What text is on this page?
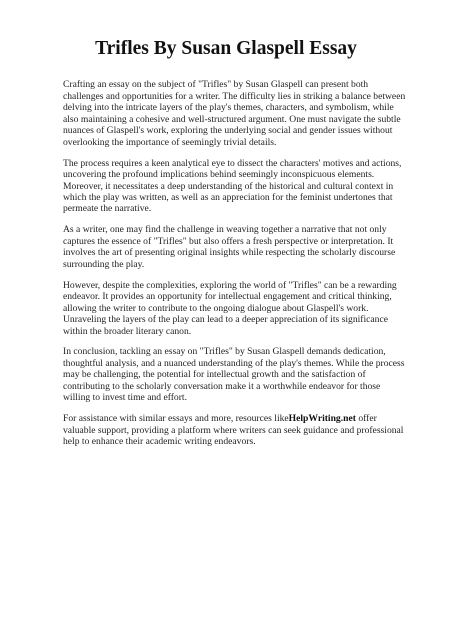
Trifles By Susan Glaspell Essay

Crafting an essay on the subject of "Trifles" by Susan Glaspell can present both challenges and opportunities for a writer. The difficulty lies in striking a balance between delving into the intricate layers of the play's themes, characters, and symbolism, while also maintaining a cohesive and well-structured argument. One must navigate the subtle nuances of Glaspell's work, exploring the underlying social and gender issues without overlooking the importance of seemingly trivial details.

The process requires a keen analytical eye to dissect the characters' motives and actions, uncovering the profound implications behind seemingly inconspicuous elements. Moreover, it necessitates a deep understanding of the historical and cultural context in which the play was written, as well as an appreciation for the feminist undertones that permeate the narrative.

As a writer, one may find the challenge in weaving together a narrative that not only captures the essence of "Trifles" but also offers a fresh perspective or interpretation. It involves the art of presenting original insights while respecting the scholarly discourse surrounding the play.

However, despite the complexities, exploring the world of "Trifles" can be a rewarding endeavor. It provides an opportunity for intellectual engagement and critical thinking, allowing the writer to contribute to the ongoing dialogue about Glaspell's work. Unraveling the layers of the play can lead to a deeper appreciation of its significance within the broader literary canon.

In conclusion, tackling an essay on "Trifles" by Susan Glaspell demands dedication, thoughtful analysis, and a nuanced understanding of the play's themes. While the process may be challenging, the potential for intellectual growth and the satisfaction of contributing to the scholarly conversation make it a worthwhile endeavor for those willing to invest time and effort.

For assistance with similar essays and more, resources likeHelpWriting.net offer valuable support, providing a platform where writers can seek guidance and professional help to enhance their academic writing endeavors.
